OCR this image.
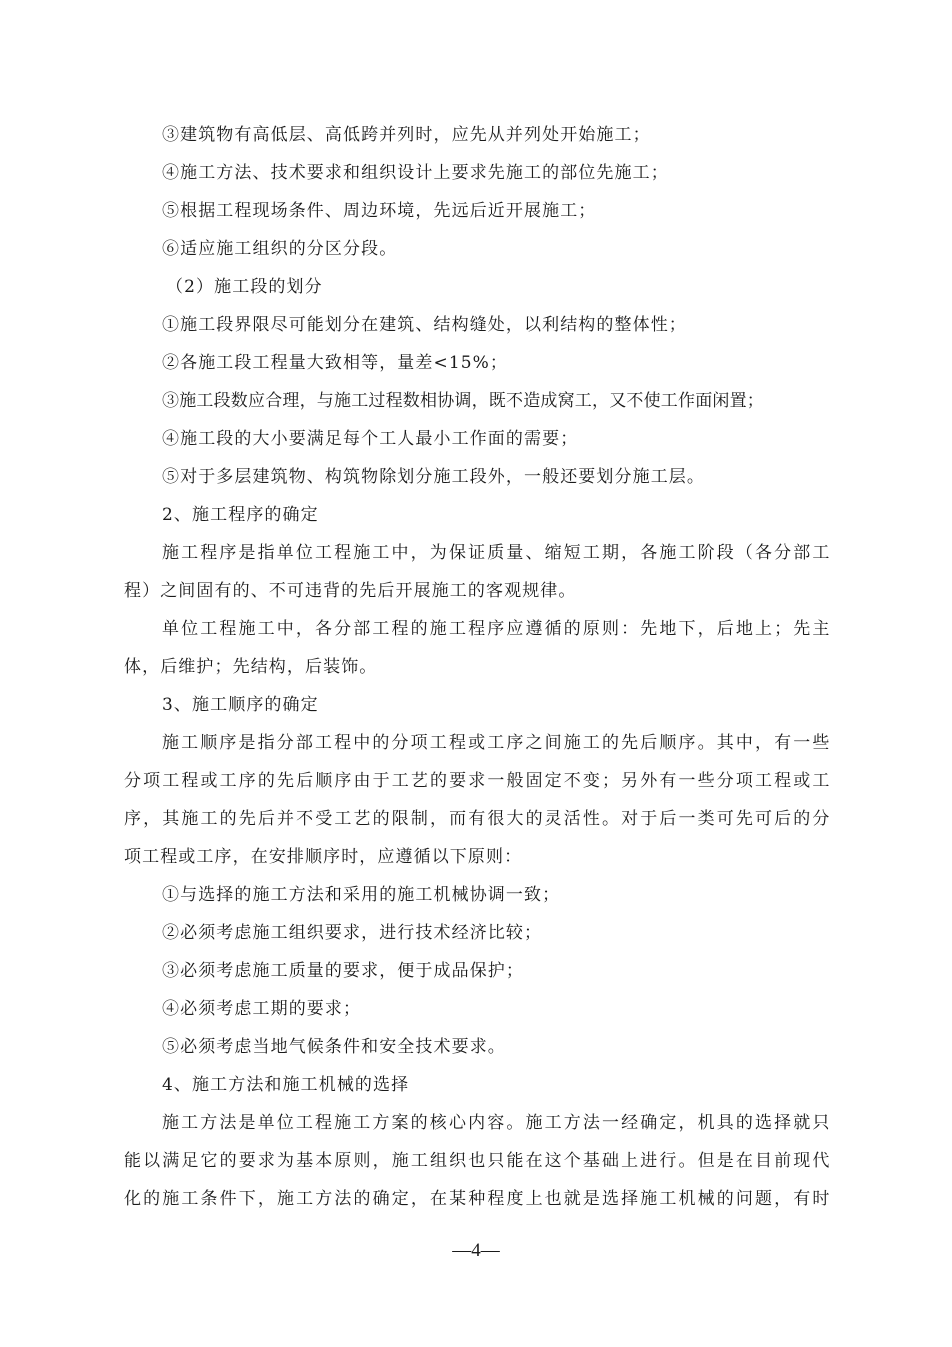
③建筑物有高低层、高低跨并列时，应先从并列处开始施工；
④施工方法、技术要求和组织设计上要求先施工的部位先施工；
⑤根据工程现场条件、周边环境，先远后近开展施工；
⑥适应施工组织的分区分段。
（2）施工段的划分
①施工段界限尽可能划分在建筑、结构缝处，以利结构的整体性；
②各施工段工程量大致相等，量差<15%；
③施工段数应合理，与施工过程数相协调，既不造成窝工，又不使工作面闲置；
④施工段的大小要满足每个工人最小工作面的需要；
⑤对于多层建筑物、构筑物除划分施工段外，一般还要划分施工层。
2、施工程序的确定
施工程序是指单位工程施工中，为保证质量、缩短工期，各施工阶段（各分部工
程）之间固有的、不可违背的先后开展施工的客观规律。
单位工程施工中，各分部工程的施工程序应遵循的原则：先地下，后地上；先主
体，后维护；先结构，后装饰。
3、施工顺序的确定
施工顺序是指分部工程中的分项工程或工序之间施工的先后顺序。其中，有一些
分项工程或工序的先后顺序由于工艺的要求一般固定不变；另外有一些分项工程或工
序，其施工的先后并不受工艺的限制，而有很大的灵活性。对于后一类可先可后的分
项工程或工序，在安排顺序时，应遵循以下原则：
①与选择的施工方法和采用的施工机械协调一致；
②必须考虑施工组织要求，进行技术经济比较；
③必须考虑施工质量的要求，便于成品保护；
④必须考虑工期的要求；
⑤必须考虑当地气候条件和安全技术要求。
4、施工方法和施工机械的选择
施工方法是单位工程施工方案的核心内容。施工方法一经确定，机具的选择就只
能以满足它的要求为基本原则，施工组织也只能在这个基础上进行。但是在目前现代
化的施工条件下，施工方法的确定，在某种程度上也就是选择施工机械的问题，有时
—4—
